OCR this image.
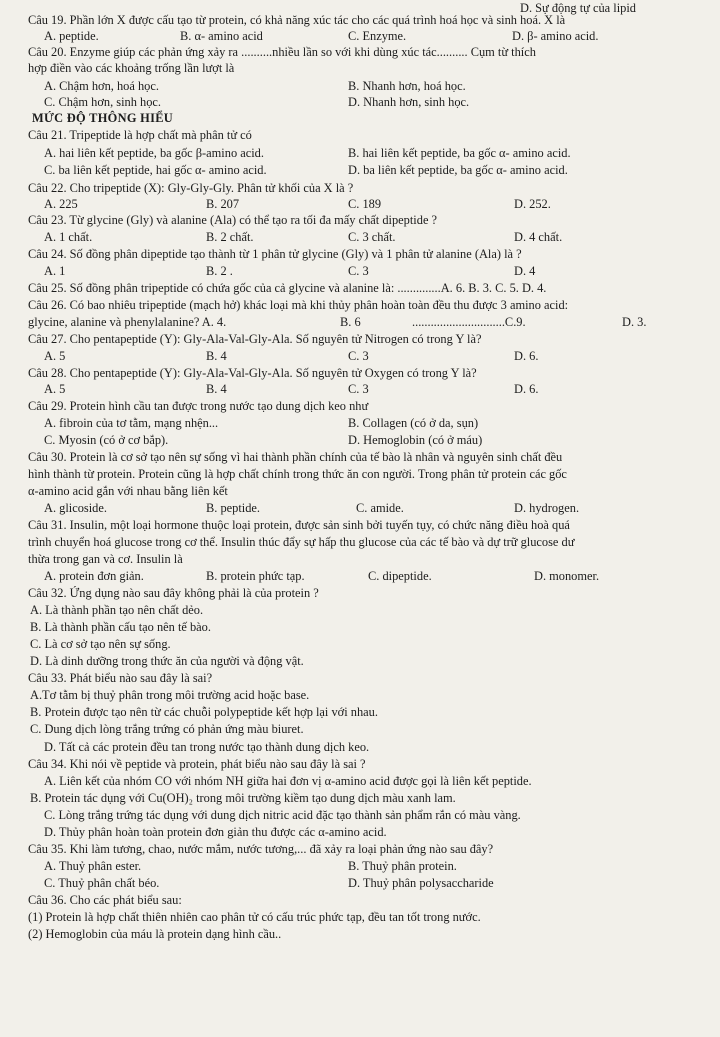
D. Sự động tự của lipid
Câu 19. Phần lớn X được cấu tạo từ protein, có khả năng xúc tác cho các quá trình hoá học và sinh hoá. X là
A. peptide.	B. α- amino acid	C. Enzyme.	D. β- amino acid.
Câu 20. Enzyme giúp các phản ứng xảy ra ..........nhiều lần so với khi dùng xúc tác.......... Cụm từ thích
hợp điền vào các khoảng trống lần lượt là
A. Chậm hơn, hoá học.	B. Nhanh hơn, hoá học.
C. Chậm hơn, sinh học.	D. Nhanh hơn, sinh học.
MỨC ĐỘ THÔNG HIỂU
Câu 21. Tripeptide là hợp chất mà phân tử có
A. hai liên kết peptide, ba gốc β-amino acid.	B. hai liên kết peptide, ba gốc α- amino acid.
C. ba liên kết peptide, hai gốc α- amino acid.	D. ba liên kết peptide, ba gốc α- amino acid.
Câu 22. Cho tripeptide (X): Gly-Gly-Gly. Phân tử khối của X là ?
A. 225	B. 207	C. 189	D. 252.
Câu 23. Từ glycine (Gly) và alanine (Ala) có thể tạo ra tối đa mấy chất dipeptide ?
A. 1 chất.	B. 2 chất.	C. 3 chất.	D. 4 chất.
Câu 24. Số đồng phân dipeptide tạo thành từ 1 phân tử glycine (Gly) và 1 phân tử alanine (Ala) là ?
A. 1	B. 2 .	C. 3	D. 4
Câu 25. Số đồng phân tripeptide có chứa gốc của cả glycine và alanine là: ..............A. 6. B. 3. C. 5. D. 4.
Câu 26. Có bao nhiêu tripeptide (mạch hở) khác loại mà khi thủy phân hoàn toàn đều thu được 3 amino acid:
glycine, alanine và phenylalanine? A. 4.	B. 6	..............................C.9.	D. 3.
Câu 27. Cho pentapeptide (Y): Gly-Ala-Val-Gly-Ala. Số nguyên tử Nitrogen có trong Y là?
A. 5	B. 4	C. 3	D. 6.
Câu 28. Cho pentapeptide (Y): Gly-Ala-Val-Gly-Ala. Số nguyên tử Oxygen có trong Y là?
A. 5	B. 4	C. 3	D. 6.
Câu 29. Protein hình cầu tan được trong nước tạo dung dịch keo như
A. fibroin của tơ tằm, mạng nhện...	B. Collagen (có ở da, sụn)
C. Myosin (có ở cơ bắp).	D. Hemoglobin (có ở máu)
Câu 30. Protein là cơ sở tạo nên sự sống vì hai thành phần chính của tế bào là nhân và nguyên sinh chất đều
hình thành từ protein. Protein cũng là hợp chất chính trong thức ăn con người. Trong phân tử protein các gốc
α-amino acid gắn với nhau bằng liên kết
A. glicoside.	B. peptide.	C. amide.	D. hydrogen.
Câu 31. Insulin, một loại hormone thuộc loại protein, được sản sinh bởi tuyến tụy, có chức năng điều hoà quá
trình chuyển hoá glucose trong cơ thể. Insulin thúc đẩy sự hấp thu glucose của các tế bào và dự trữ glucose dư
thừa trong gan và cơ. Insulin là
A. protein đơn giản.	B. protein phức tạp.	C. dipeptide.	D. monomer.
Câu 32. Ứng dụng nào sau đây không phải là của protein ?
A. Là thành phần tạo nên chất dẻo.
B. Là thành phần cấu tạo nên tế bào.
C. Là cơ sở tạo nên sự sống.
D. Là dinh dưỡng trong thức ăn của người và động vật.
Câu 33. Phát biểu nào sau đây là sai?
A.Tơ tằm bị thuỷ phân trong môi trường acid hoặc base.
B. Protein được tạo nên từ các chuỗi polypeptide kết hợp lại với nhau.
C. Dung dịch lòng trắng trứng có phản ứng màu biuret.
D. Tất cả các protein đều tan trong nước tạo thành dung dịch keo.
Câu 34. Khi nói về peptide và protein, phát biểu nào sau đây là sai ?
A. Liên kết của nhóm CO với nhóm NH giữa hai đơn vị α-amino acid được gọi là liên kết peptide.
B. Protein tác dụng với Cu(OH)₂ trong môi trường kiềm tạo dung dịch màu xanh lam.
C. Lòng trắng trứng tác dụng với dung dịch nitric acid đặc tạo thành sản phẩm rắn có màu vàng.
D. Thủy phân hoàn toàn protein đơn giản thu được các α-amino acid.
Câu 35. Khi làm tương, chao, nước mắm, nước tương,... đã xảy ra loại phản ứng nào sau đây?
A. Thuỷ phân ester.	B. Thuỷ phân protein.
C. Thuỷ phân chất béo.	D. Thuỷ phân polysaccharide
Câu 36. Cho các phát biểu sau:
(1) Protein là hợp chất thiên nhiên cao phân tử có cấu trúc phức tạp, đều tan tốt trong nước.
(2) Hemoglobin của máu là protein dạng hình cầu..
